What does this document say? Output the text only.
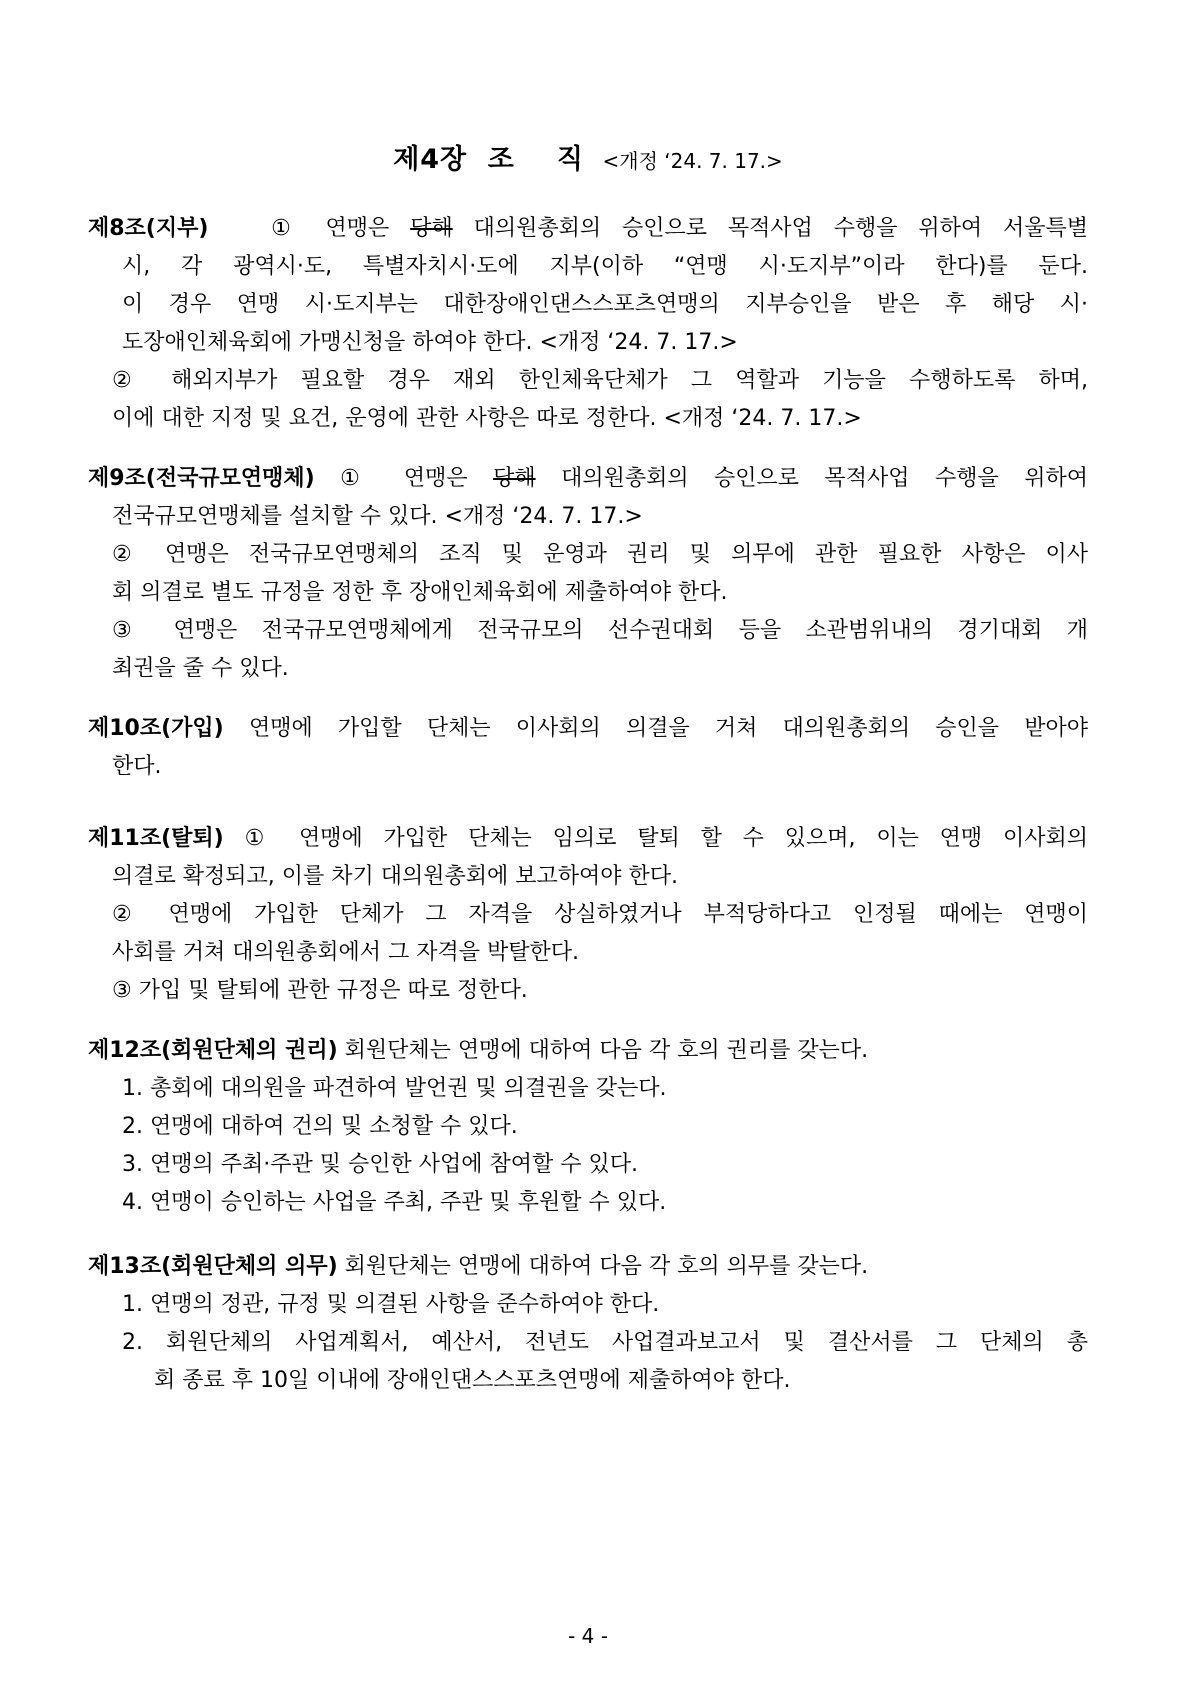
제4장 조 직 <개정 ‘24. 7. 17.>
제8조(지부)	① 연맹은 당해 대의원총회의 승인으로 목적사업 수행을 위하여 서울특별
시, 각 광역시·도, 특별자치시·도에 지부(이하 “연맹 시·도지부”이라 한다)를 둔다.
이 경우 연맹 시·도지부는 대한장애인댄스스포츠연맹의 지부승인을 받은 후 해당 시·
도장애인체육회에 가맹신청을 하여야 한다. <개정 ‘24. 7. 17.>
② 해외지부가 필요할 경우 재외 한인체육단체가 그 역할과 기능을 수행하도록 하며,
이에 대한 지정 및 요건, 운영에 관한 사항은 따로 정한다. <개정 ‘24. 7. 17.>
제9조(전국규모연맹체) ① 연맹은 당해 대의원총회의 승인으로 목적사업 수행을 위하여
전국규모연맹체를 설치할 수 있다. <개정 ‘24. 7. 17.>
② 연맹은 전국규모연맹체의 조직 및 운영과 권리 및 의무에 관한 필요한 사항은 이사
회 의결로 별도 규정을 정한 후 장애인체육회에 제출하여야 한다.
③ 연맹은 전국규모연맹체에게 전국규모의 선수권대회 등을 소관범위내의 경기대회 개
최권을 줄 수 있다.
제10조(가입) 연맹에 가입할 단체는 이사회의 의결을 거쳐 대의원총회의 승인을 받아야
한다.
제11조(탈퇴) ① 연맹에 가입한 단체는 임의로 탈퇴 할 수 있으며, 이는 연맹 이사회의
의결로 확정되고, 이를 차기 대의원총회에 보고하여야 한다.
② 연맹에 가입한 단체가 그 자격을 상실하였거나 부적당하다고 인정될 때에는 연맹이
사회를 거쳐 대의원총회에서 그 자격을 박탈한다.
③ 가입 및 탈퇴에 관한 규정은 따로 정한다.
제12조(회원단체의 권리) 회원단체는 연맹에 대하여 다음 각 호의 권리를 갖는다.
1. 총회에 대의원을 파견하여 발언권 및 의결권을 갖는다.
2. 연맹에 대하여 건의 및 소청할 수 있다.
3. 연맹의 주최·주관 및 승인한 사업에 참여할 수 있다.
4. 연맹이 승인하는 사업을 주최, 주관 및 후원할 수 있다.
제13조(회원단체의 의무) 회원단체는 연맹에 대하여 다음 각 호의 의무를 갖는다.
1. 연맹의 정관, 규정 및 의결된 사항을 준수하여야 한다.
2. 회원단체의 사업계획서, 예산서, 전년도 사업결과보고서 및 결산서를 그 단체의 총
회 종료 후 10일 이내에 장애인댄스스포츠연맹에 제출하여야 한다.
- 4 -
